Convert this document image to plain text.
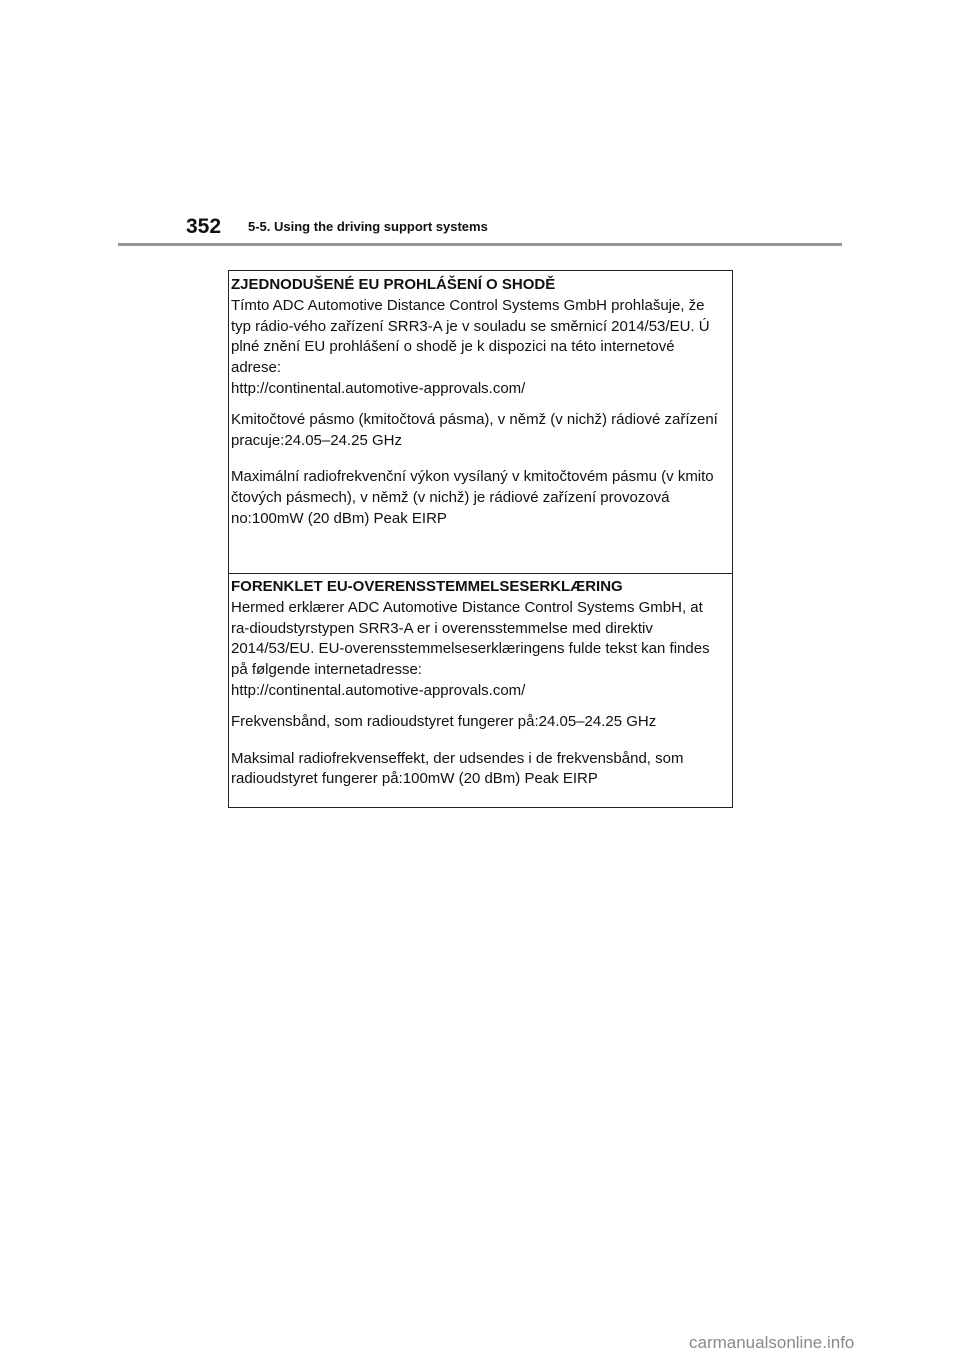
352 5-5. Using the driving support systems
ZJEDNODUŠENÉ EU PROHLÁŠENÍ O SHODĚ
Tímto ADC Automotive Distance Control Systems GmbH prohlašuje, že
typ rádio-vého zařízení SRR3-A je v souladu se směrnicí 2014/53/EU. Ú
plné znění EU prohlášení o shodě je k dispozici na této internetové
adrese:
http://continental.automotive-approvals.com/
Kmitočtové pásmo (kmitočtová pásma), v němž (v nichž) rádiové zařízení
pracuje:24.05–24.25 GHz
Maximální radiofrekvenční výkon vysílaný v kmitočtovém pásmu (v kmito
čtových pásmech), v němž (v nichž) je rádiové zařízení provozová
no:100mW (20 dBm) Peak EIRP
FORENKLET EU-OVERENSSTEMMELSESERKLÆRING
Hermed erklærer ADC Automotive Distance Control Systems GmbH, at
ra-dioudstyrstypen SRR3-A er i overensstemmelse med direktiv
2014/53/EU. EU-overensstemmelseserklæringens fulde tekst kan findes
på følgende internetadresse:
http://continental.automotive-approvals.com/
Frekvensbånd, som radioudstyret fungerer på:24.05–24.25 GHz
Maksimal radiofrekvenseffekt, der udsendes i de frekvensbånd, som
radioudstyret fungerer på:100mW (20 dBm) Peak EIRP
carmanualsonline.info
